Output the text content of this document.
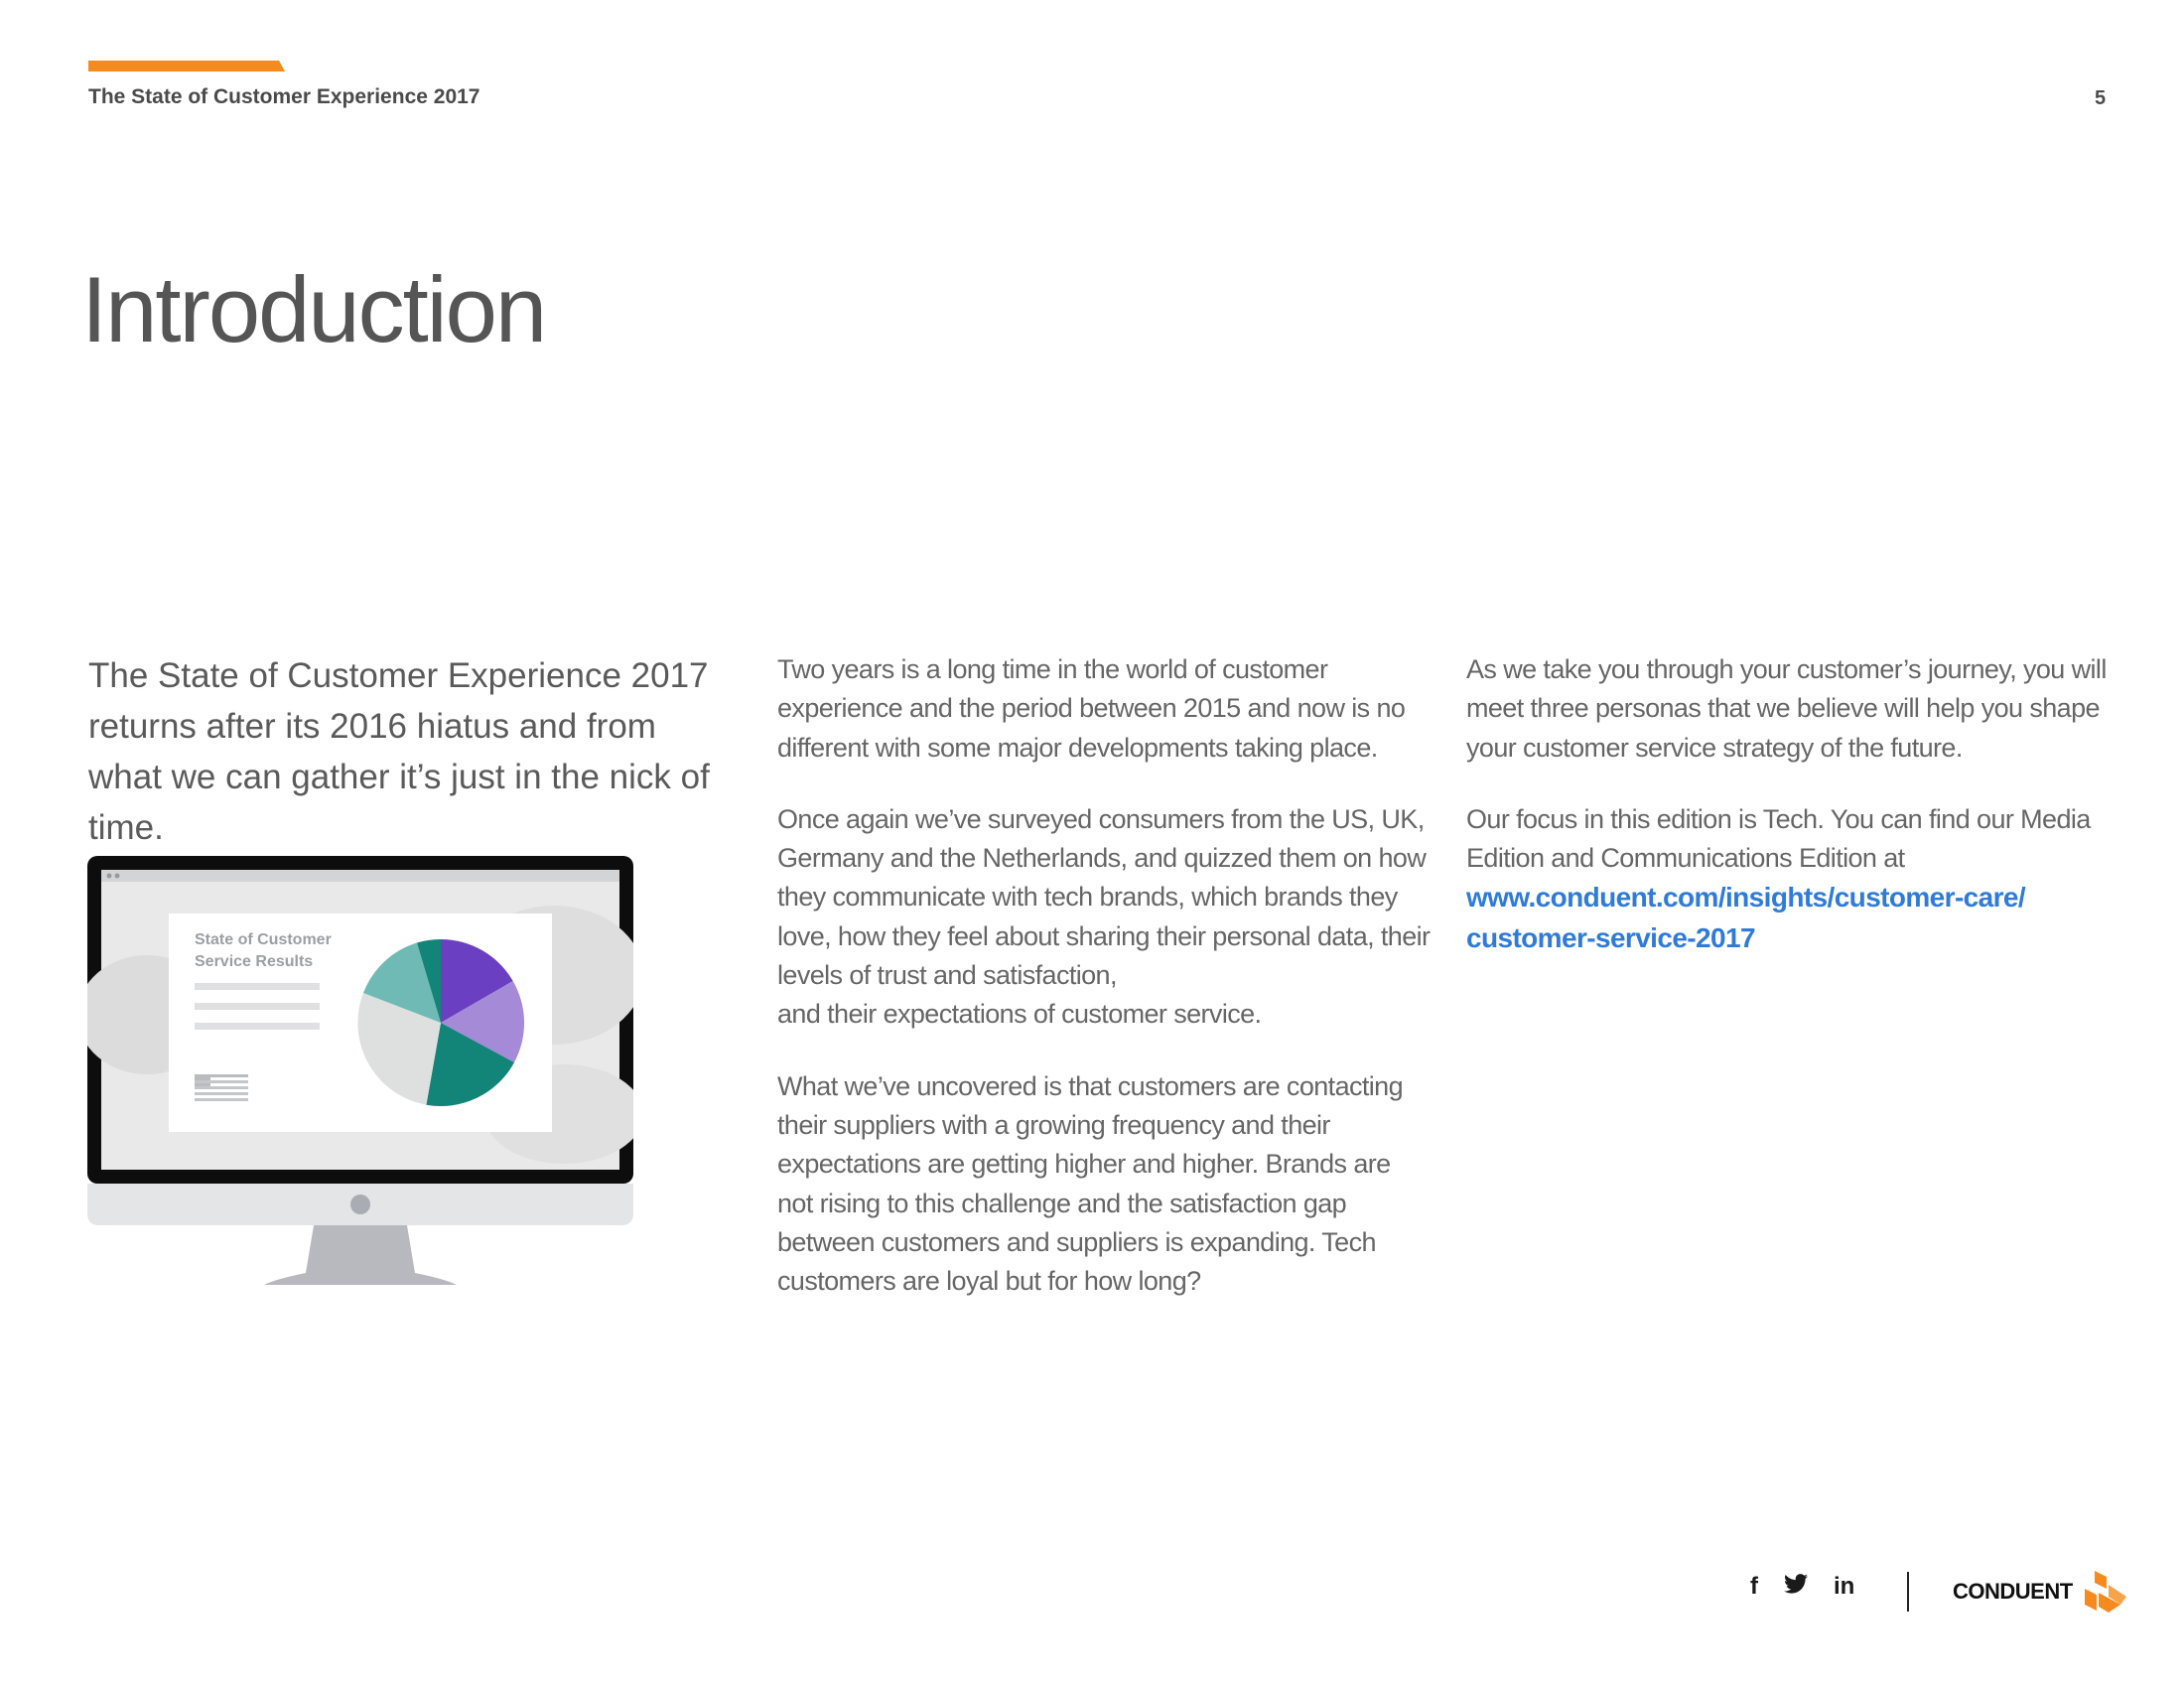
The State of Customer Experience 2017	5
Introduction

The State of Customer Experience 2017 returns after its 2016 hiatus and from what we can gather it’s just in the nick of time.

State of Customer
Service Results

Two years is a long time in the world of customer experience and the period between 2015 and now is no different with some major developments taking place.

Once again we’ve surveyed consumers from the US, UK, Germany and the Netherlands, and quizzed them on how they communicate with tech brands, which brands they love, how they feel about sharing their personal data, their levels of trust and satisfaction,

and their expectations of customer service.

What we’ve uncovered is that customers are contacting their suppliers with a growing frequency and their expectations are getting higher and higher. Brands are not rising to this challenge and the satisfaction gap between customers and suppliers is expanding. Tech customers are loyal but for how long?

As we take you through your customer’s journey, you will meet three personas that we believe will help you shape your customer service strategy of the future.

Our focus in this edition is Tech. You can find our Media Edition and Communications Edition at

www.conduent.com/insights/customer-care/
customer-service-2017
f	in	CONDUENT
